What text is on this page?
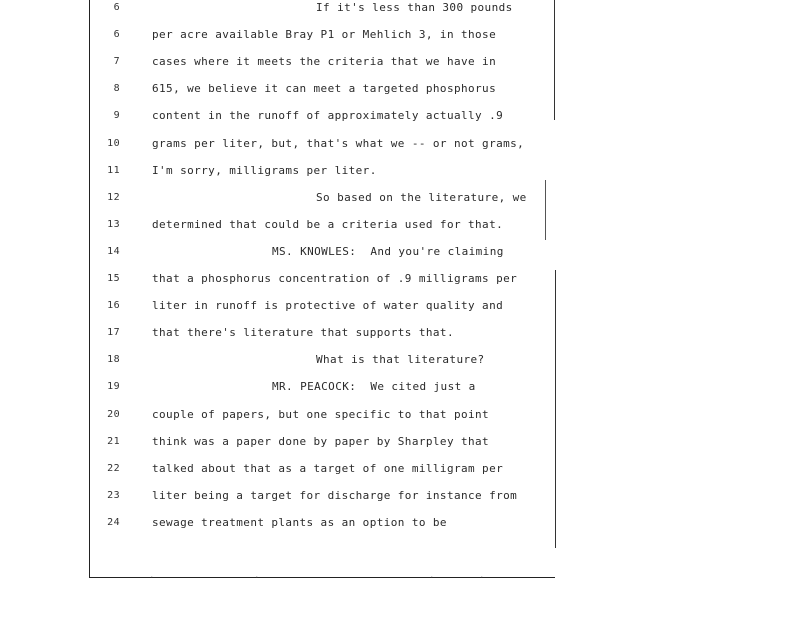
6	If it's less than 300 pounds
6	per acre available Bray P1 or Mehlich 3, in those
7	cases where it meets the criteria that we have in
8	615, we believe it can meet a targeted phosphorus
9	content in the runoff of approximately actually .9
10	grams per liter, but, that's what we -- or not grams,
11	I'm sorry, milligrams per liter.
12	So based on the literature, we
13	determined that could be a criteria used for that.
14	MS. KNOWLES:  And you're claiming
15	that a phosphorus concentration of .9 milligrams per
16	liter in runoff is protective of water quality and
17	that there's literature that supports that.
18	What is that literature?
19	MR. PEACOCK:  We cited just a
20	couple of papers, but one specific to that point
21	think was a paper done by paper by Sharpley that
22	talked about that as a target of one milligram per
23	liter being a target for discharge for instance from
24	sewage treatment plants as an option to be
·	·	·	·
